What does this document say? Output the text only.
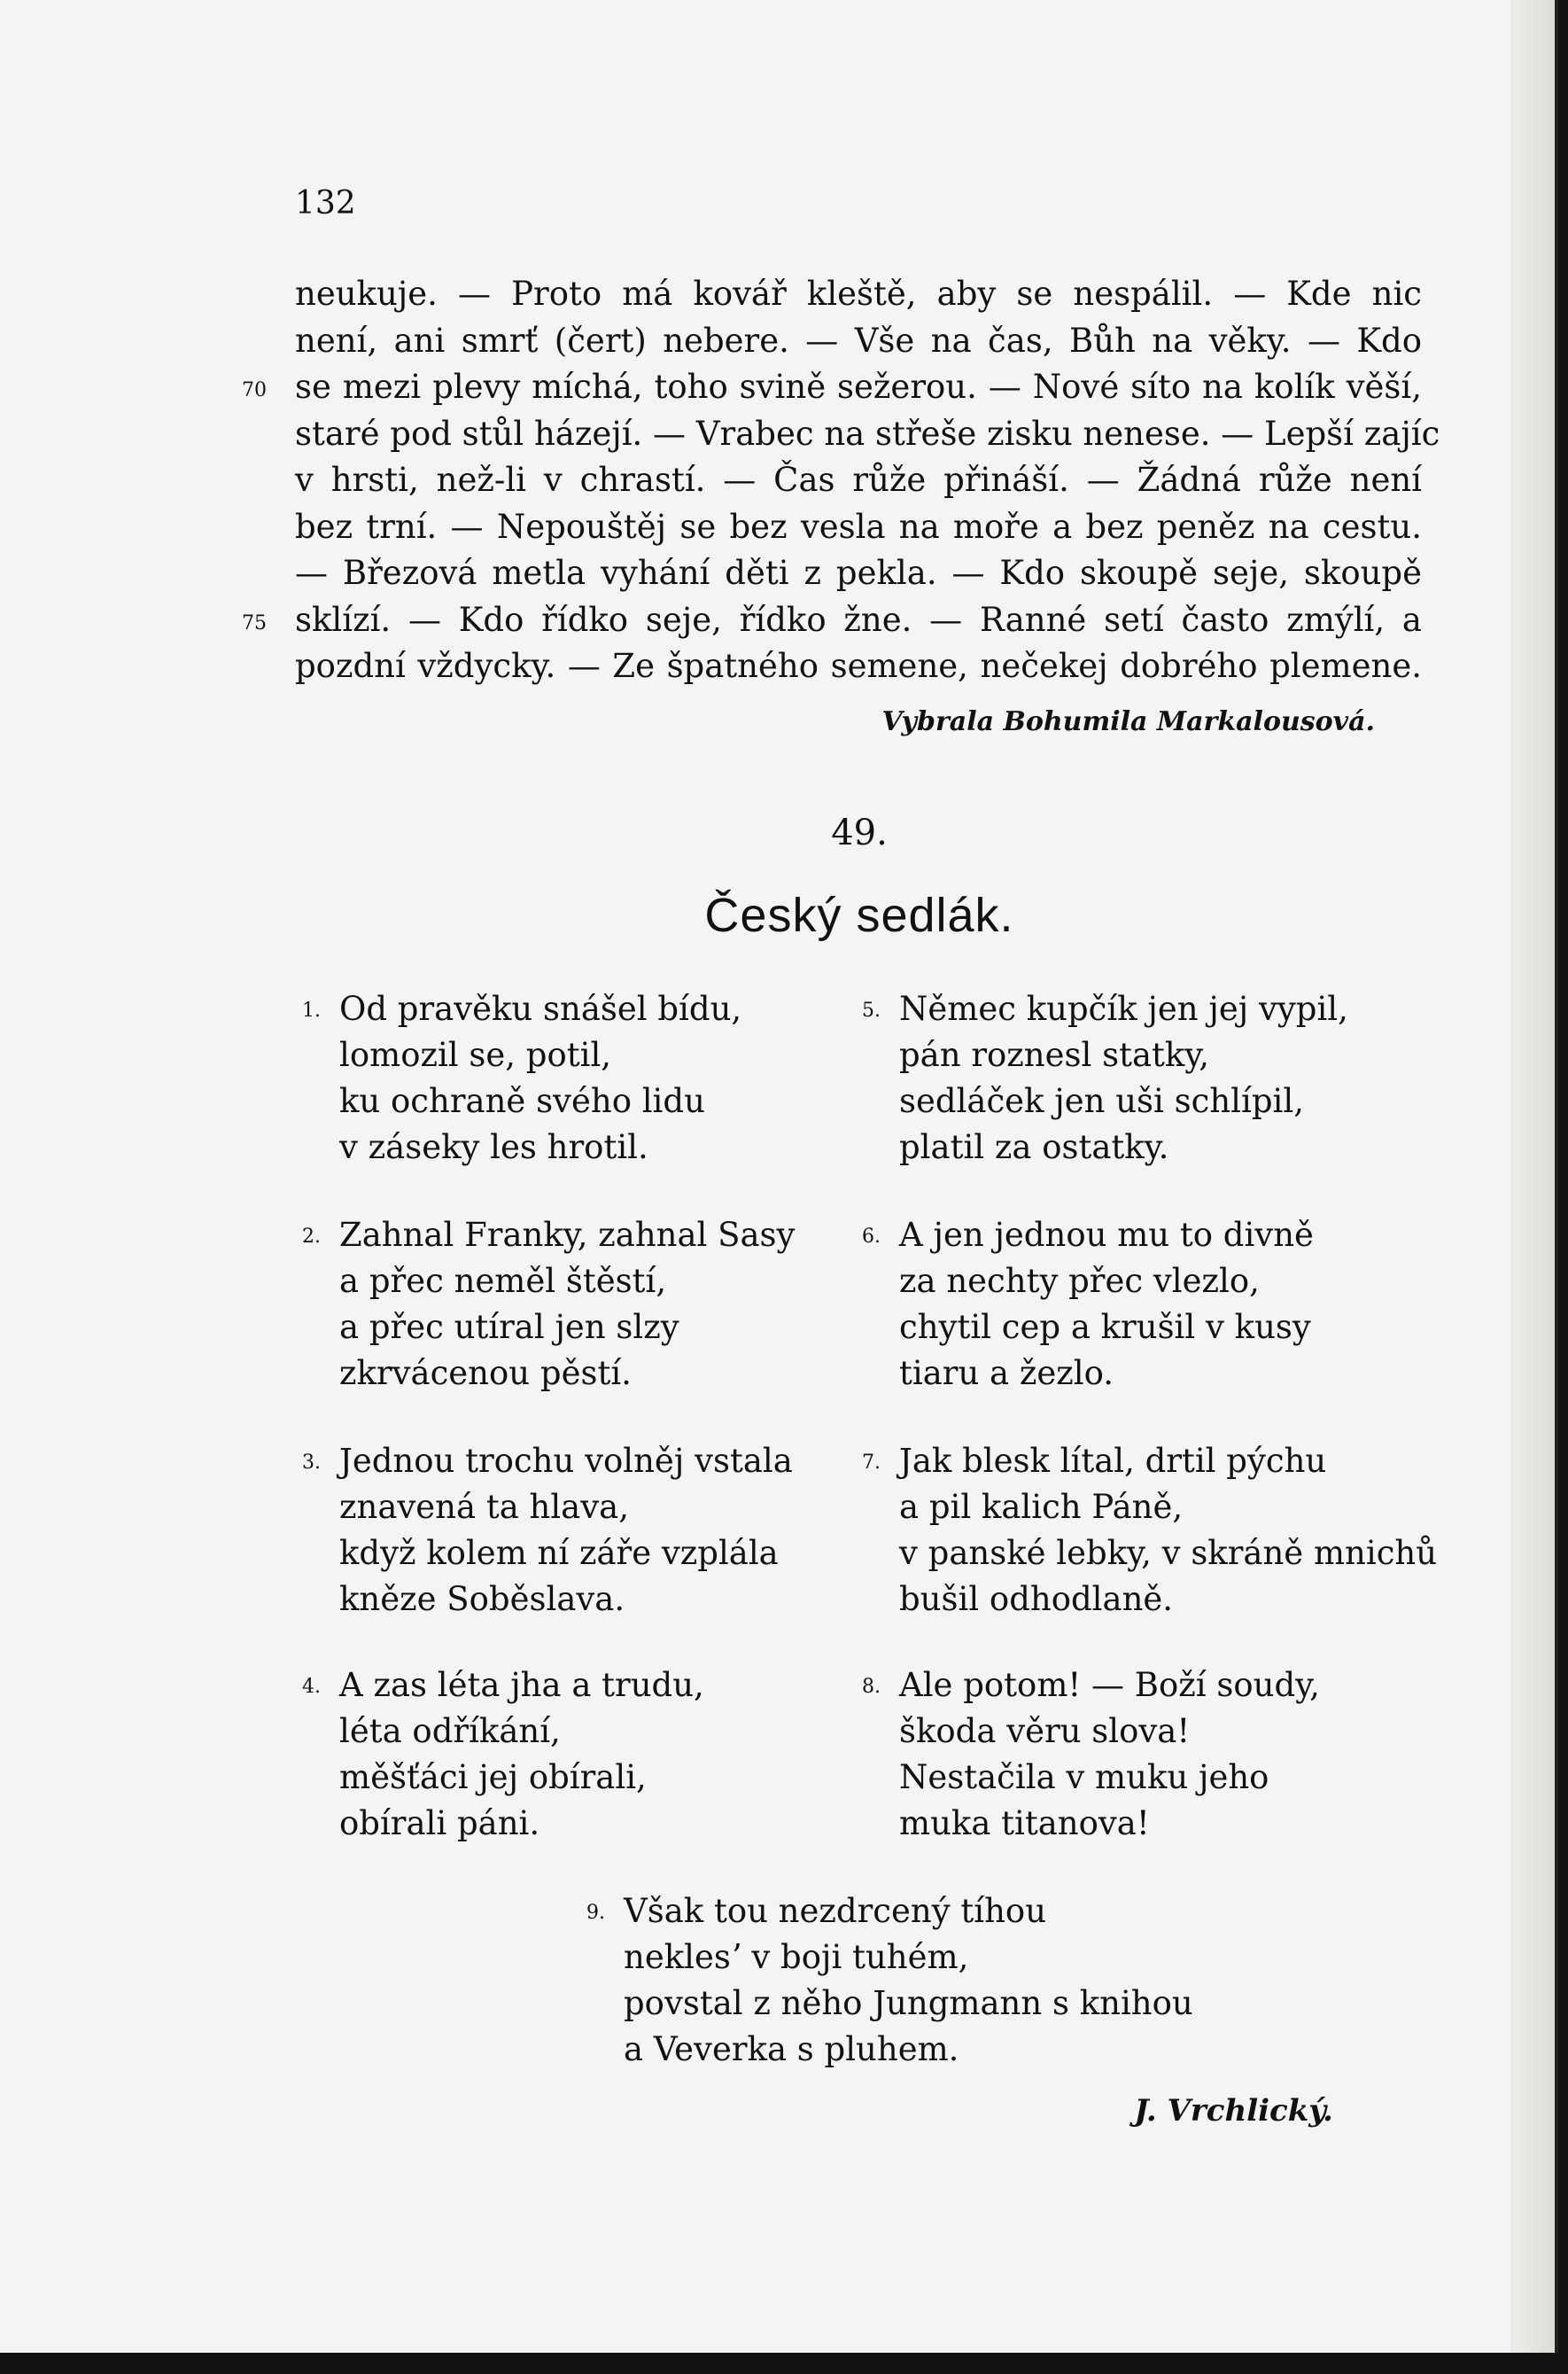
132
neukuje. — Proto má kovář kleště, aby se nespálil. — Kde nic
není, ani smrť (čert) nebere. — Vše na čas, Bůh na věky. — Kdo
70 se mezi plevy míchá, toho svině sežerou. — Nové síto na kolík věší,
staré pod stůl házejí. — Vrabec na střeše zisku nenese. — Lepší zajíc
v hrsti, než-li v chrastí. — Čas růže přináší. — Žádná růže není
bez trní. — Nepouštěj se bez vesla na moře a bez peněz na cestu.
— Březová metla vyhání děti z pekla. — Kdo skoupě seje, skoupě
75 sklízí. — Kdo řídko seje, řídko žne. — Ranné setí často zmýlí, a
pozdní vždycky. — Ze špatného semene, nečekej dobrého plemene.
Vybrala Bohumila Markalousová.
49.
Český sedlák.
1. Od pravěku snášel bídu,
lomozil se, potil,
ku ochraně svého lidu
v záseky les hrotil.
2. Zahnal Franky, zahnal Sasy
a přec neměl štěstí,
a přec utíral jen slzy
zkrvácenou pěstí.
3. Jednou trochu volněj vstala
znavená ta hlava,
když kolem ní záře vzplála
kněze Soběslava.
4. A zas léta jha a trudu,
léta odříkání,
měšťáci jej obírali,
obírali páni.
5. Němec kupčík jen jej vypil,
pán roznesl statky,
sedláček jen uši schlípil,
platil za ostatky.
6. A jen jednou mu to divně
za nechty přec vlezlo,
chytil cep a krušil v kusy
tiaru a žezlo.
7. Jak blesk lítal, drtil pýchu
a pil kalich Páně,
v panské lebky, v skráně mnichů
bušil odhodlaně.
8. Ale potom! — Boží soudy,
škoda věru slova!
Nestačila v muku jeho
muka titanova!
9. Však tou nezdrcený tíhou
neklesʼ v boji tuhém,
povstal z něho Jungmann s knihou
a Veverka s pluhem.
J. Vrchlický.
